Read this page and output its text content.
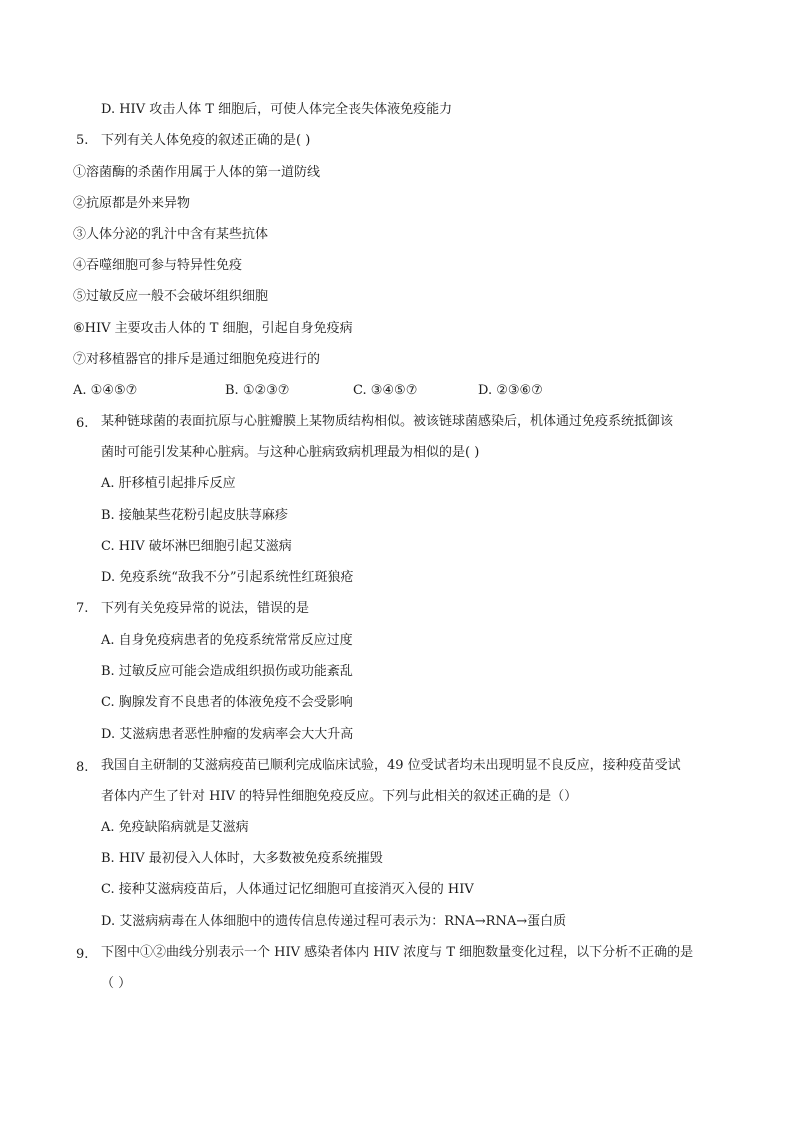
D. HIV 攻击人体 T 细胞后，可使人体完全丧失体液免疫能力
5. 下列有关人体免疫的叙述正确的是( )
①溶菌酶的杀菌作用属于人体的第一道防线
②抗原都是外来异物
③人体分泌的乳汁中含有某些抗体
④吞噬细胞可参与特异性免疫
⑤过敏反应一般不会破坏组织细胞
⑥HIV 主要攻击人体的 T 细胞，引起自身免疫病
⑦对移植器官的排斥是通过细胞免疫进行的
A. ①④⑤⑦	B. ①②③⑦	C. ③④⑤⑦	D. ②③⑥⑦
6. 某种链球菌的表面抗原与心脏瓣膜上某物质结构相似。被该链球菌感染后，机体通过免疫系统抵御该
菌时可能引发某种心脏病。与这种心脏病致病机理最为相似的是( )
A. 肝移植引起排斥反应
B. 接触某些花粉引起皮肤荨麻疹
C. HIV 破坏淋巴细胞引起艾滋病
D. 免疫系统“敌我不分”引起系统性红斑狼疮
7. 下列有关免疫异常的说法，错误的是
A. 自身免疫病患者的免疫系统常常反应过度
B. 过敏反应可能会造成组织损伤或功能紊乱
C. 胸腺发育不良患者的体液免疫不会受影响
D. 艾滋病患者恶性肿瘤的发病率会大大升高
8. 我国自主研制的艾滋病疫苗已顺利完成临床试验，49 位受试者均未出现明显不良反应，接种疫苗受试
者体内产生了针对 HIV 的特异性细胞免疫反应。下列与此相关的叙述正确的是（）
A. 免疫缺陷病就是艾滋病
B. HIV 最初侵入人体时，大多数被免疫系统摧毁
C. 接种艾滋病疫苗后，人体通过记忆细胞可直接消灭入侵的 HIV
D. 艾滋病病毒在人体细胞中的遗传信息传递过程可表示为：RNA→RNA→蛋白质
9. 下图中①②曲线分别表示一个 HIV 感染者体内 HIV 浓度与 T 细胞数量变化过程，以下分析不正确的是
（ ）
